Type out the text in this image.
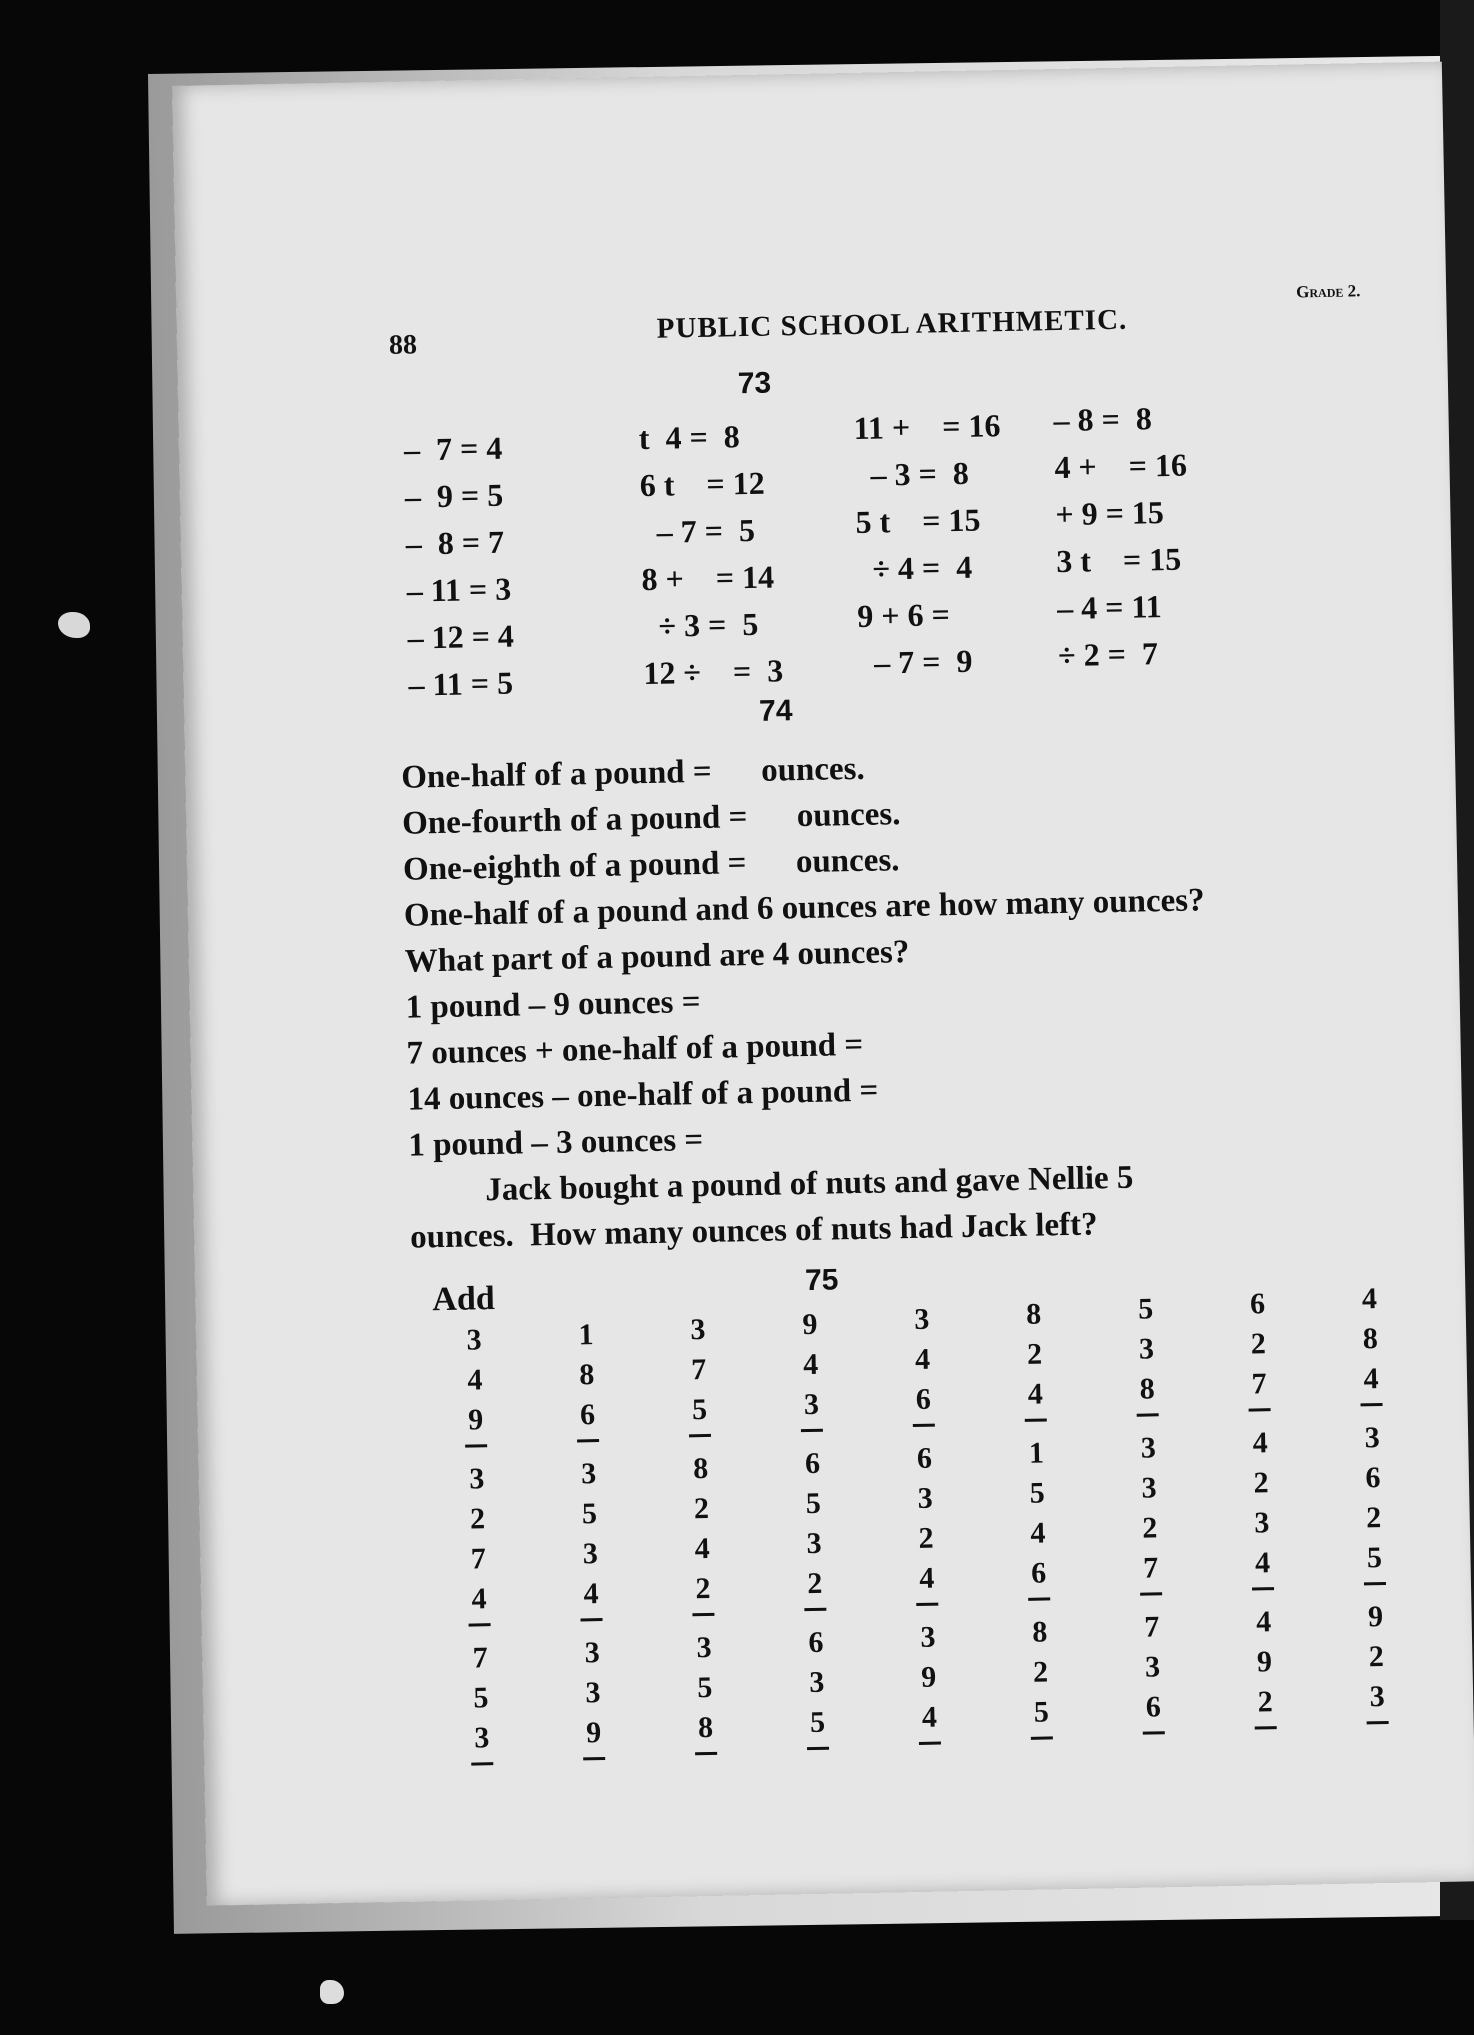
88
PUBLIC SCHOOL ARITHMETIC.
Grade 2.
73
–  7 = 4
–  9 = 5
–  8 = 7
– 11 = 3
– 12 = 4
– 11 = 5
t  4 =  8
6 t    = 12
– 7 =  5
8 +    = 14
÷ 3 =  5
12 ÷    =  3
11 +    = 16
– 3 =  8
5 t    = 15
÷ 4 =  4
9 + 6 =
– 7 =  9
– 8 =  8
4 +    = 16
+ 9 = 15
3 t    = 15
– 4 = 11
÷ 2 =  7
74
One-half of a pound =      ounces.
One-fourth of a pound =      ounces.
One-eighth of a pound =      ounces.
One-half of a pound and 6 ounces are how many ounces?
What part of a pound are 4 ounces?
1 pound – 9 ounces =
7 ounces + one-half of a pound =
14 ounces – one-half of a pound =
1 pound – 3 ounces =
Jack bought a pound of nuts and gave Nellie 5
ounces.  How many ounces of nuts had Jack left?
75
Add
3
4
9
3
2
7
4
7
5
3
1
8
6
3
5
3
4
3
3
9
3
7
5
8
2
4
2
3
5
8
9
4
3
6
5
3
2
6
3
5
3
4
6
6
3
2
4
3
9
4
8
2
4
1
5
4
6
8
2
5
5
3
8
3
3
2
7
7
3
6
6
2
7
4
2
3
4
4
9
2
4
8
4
3
6
2
5
9
2
3
